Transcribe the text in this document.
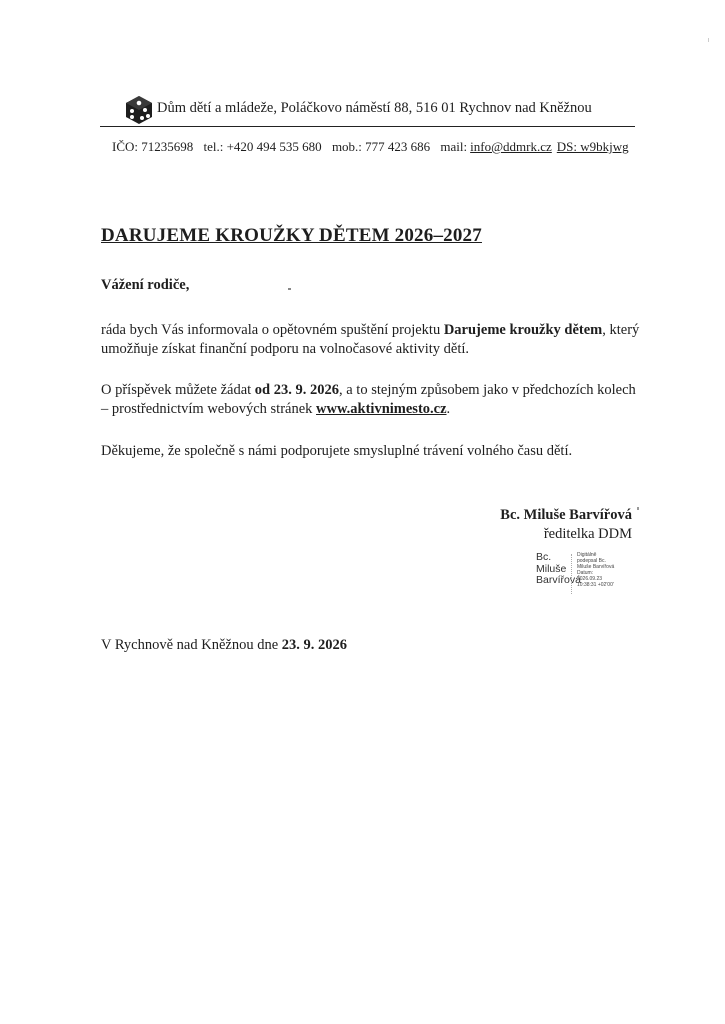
Dům dětí a mládeže, Poláčkovo náměstí 88, 516 01 Rychnov nad Kněžnou
IČO: 71235698 tel.: +420 494 535 680 mob.: 777 423 686 mail: info@ddmrk.cz DS: w9bkjwg
DARUJEME KROUŽKY DĚTEM 2026–2027
Vážení rodiče,
ráda bych Vás informovala o opětovném spuštění projektu Darujeme kroužky dětem, který umožňuje získat finanční podporu na volnočasové aktivity dětí.
O příspěvek můžete žádat od 23. 9. 2026, a to stejným způsobem jako v předchozích kolech – prostřednictvím webových stránek www.aktivnimesto.cz.
Děkujeme, že společně s námi podporujete smysluplné trávení volného času dětí.
Bc. Miluše Barvířová
ředitelka DDM
Bc.
Miluše
Barvířová
Digitálně
podepsal Bc.
Miluše Barvířová
Datum:
2026.09.23
10:38:31 +02'00'
V Rychnově nad Kněžnou dne 23. 9. 2026
